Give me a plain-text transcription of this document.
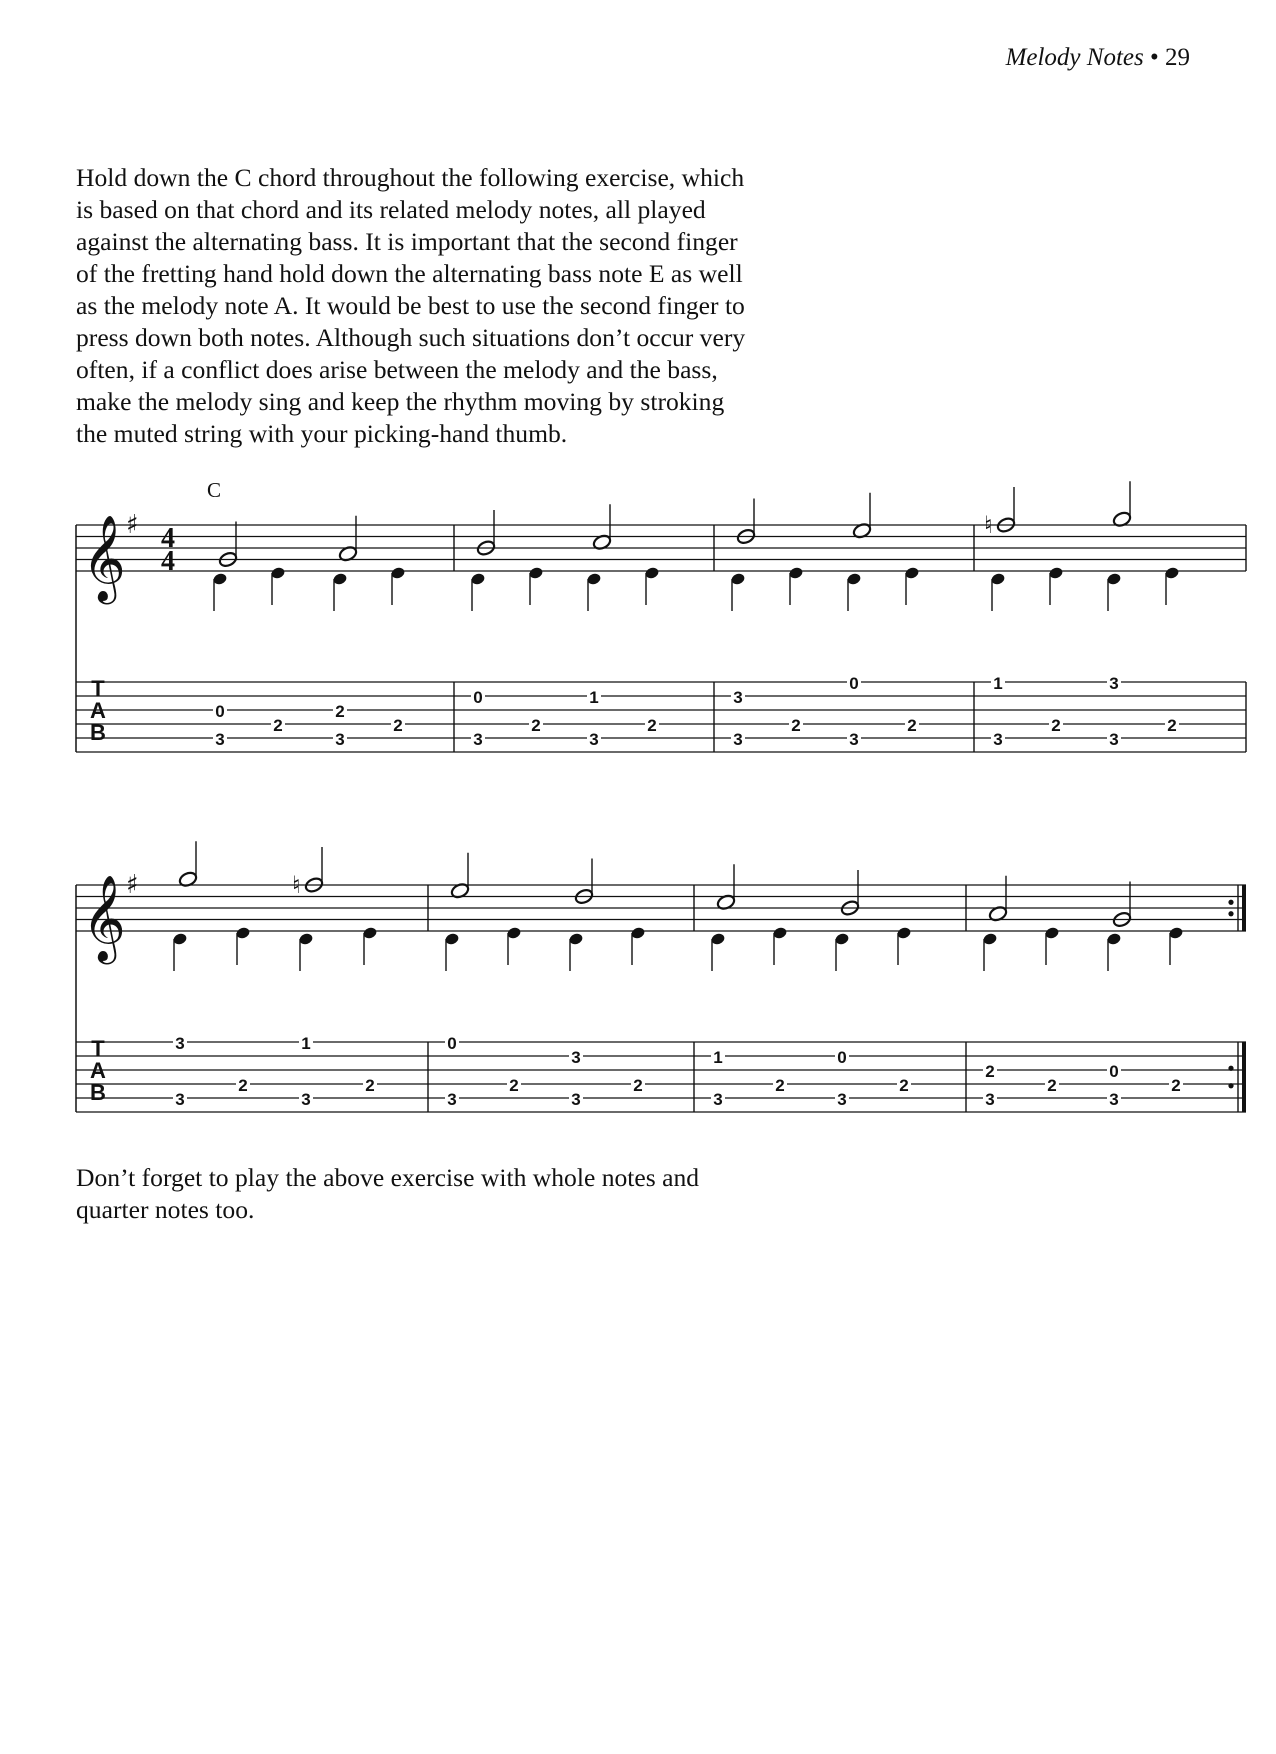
Melody Notes • 29

Hold down the C chord throughout the following exercise, which
is based on that chord and its related melody notes, all played
against the alternating bass. It is important that the second finger
of the fretting hand hold down the alternating bass note E as well
as the melody note A. It would be best to use the second finger to
press down both notes. Although such situations don’t occur very
often, if a conflict does arise between the melody and the bass,
make the melody sing and keep the rhythm moving by stroking
the muted string with your picking-hand thumb.

C
𝄞 ♯ 4
4
T
A
B
0
3
2
2
3
2
0
3
2
1
3
2
3
3
2
0
3
2
♮
1
3
2
3
3
2
𝄞 ♯
T
A
B
♮
3
3
2
1
3
2
0
3
2
3
3
2
1
3
2
0
3
2
2
3
2
0
3
2

Don’t forget to play the above exercise with whole notes and
quarter notes too.
